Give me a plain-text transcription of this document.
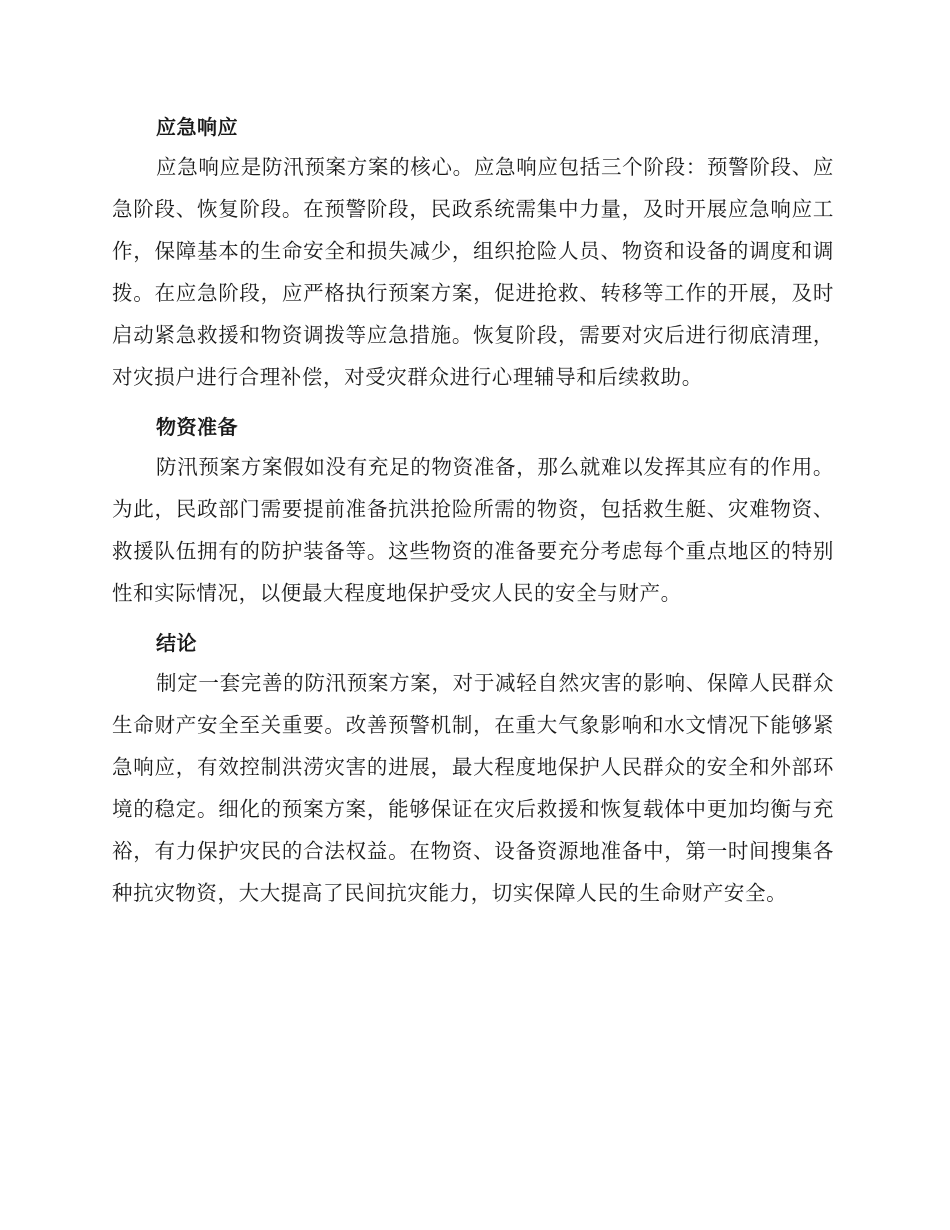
应急响应

应急响应是防汛预案方案的核心。应急响应包括三个阶段：预警阶段、应急阶段、恢复阶段。在预警阶段，民政系统需集中力量，及时开展应急响应工作，保障基本的生命安全和损失减少，组织抢险人员、物资和设备的调度和调拨。在应急阶段，应严格执行预案方案，促进抢救、转移等工作的开展，及时启动紧急救援和物资调拨等应急措施。恢复阶段，需要对灾后进行彻底清理，对灾损户进行合理补偿，对受灾群众进行心理辅导和后续救助。

物资准备

防汛预案方案假如没有充足的物资准备，那么就难以发挥其应有的作用。为此，民政部门需要提前准备抗洪抢险所需的物资，包括救生艇、灾难物资、救援队伍拥有的防护装备等。这些物资的准备要充分考虑每个重点地区的特别性和实际情况，以便最大程度地保护受灾人民的安全与财产。

结论

制定一套完善的防汛预案方案，对于减轻自然灾害的影响、保障人民群众生命财产安全至关重要。改善预警机制，在重大气象影响和水文情况下能够紧急响应，有效控制洪涝灾害的进展，最大程度地保护人民群众的安全和外部环境的稳定。细化的预案方案，能够保证在灾后救援和恢复载体中更加均衡与充裕，有力保护灾民的合法权益。在物资、设备资源地准备中，第一时间搜集各种抗灾物资，大大提高了民间抗灾能力，切实保障人民的生命财产安全。
